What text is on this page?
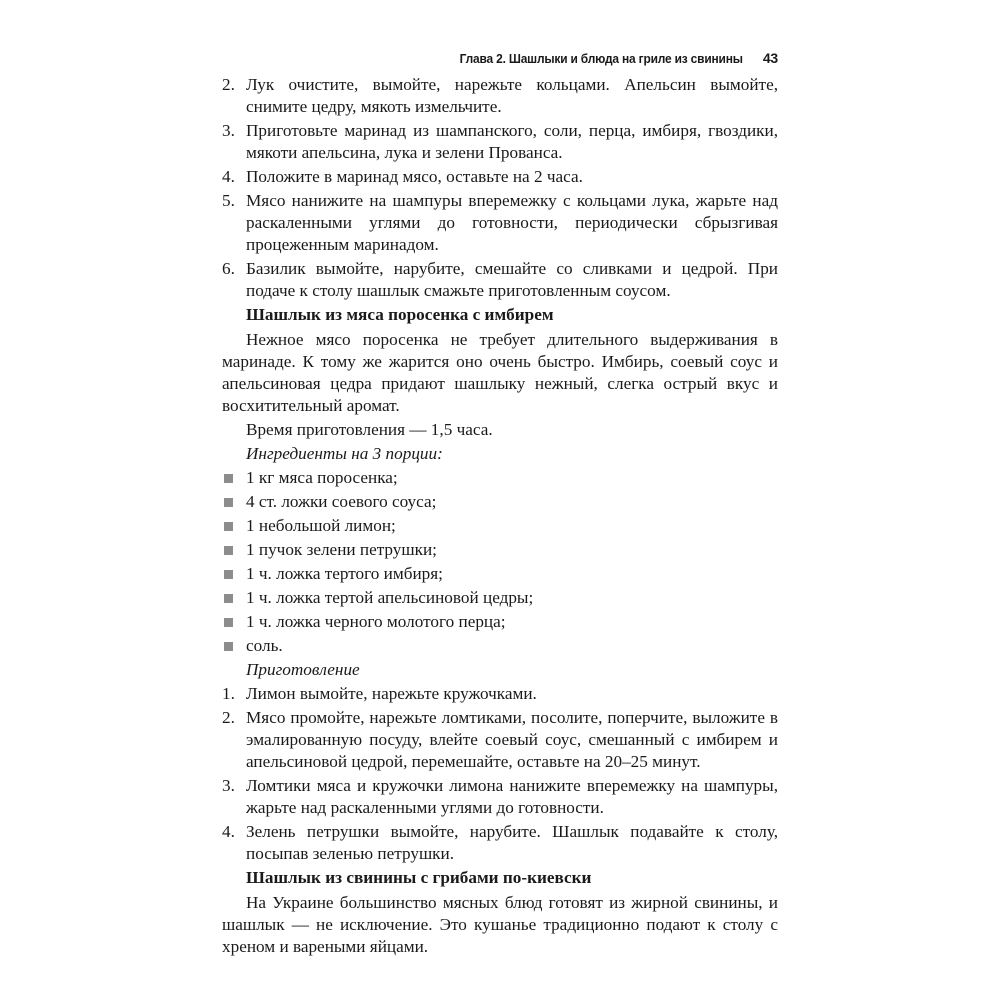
Глава 2. Шашлыки и блюда на гриле из свинины 43
2. Лук очистите, вымойте, нарежьте кольцами. Апельсин вымойте, снимите цедру, мякоть измельчите.
3. Приготовьте маринад из шампанского, соли, перца, имбиря, гвоздики, мякоти апельсина, лука и зелени Прованса.
4. Положите в маринад мясо, оставьте на 2 часа.
5. Мясо нанижите на шампуры вперемежку с кольцами лука, жарьте над раскаленными углями до готовности, периодически сбрызгивая процеженным маринадом.
6. Базилик вымойте, нарубите, смешайте со сливками и цедрой. При подаче к столу шашлык смажьте приготовленным соусом.

Шашлык из мяса поросенка с имбирем

Нежное мясо поросенка не требует длительного выдерживания в маринаде. К тому же жарится оно очень быстро. Имбирь, соевый соус и апельсиновая цедра придают шашлыку нежный, слегка острый вкус и восхитительный аромат.

Время приготовления — 1,5 часа.

Ингредиенты на 3 порции:

1 кг мяса поросенка;
4 ст. ложки соевого соуса;
1 небольшой лимон;
1 пучок зелени петрушки;
1 ч. ложка тертого имбиря;
1 ч. ложка тертой апельсиновой цедры;
1 ч. ложка черного молотого перца;
соль.

Приготовление

1. Лимон вымойте, нарежьте кружочками.
2. Мясо промойте, нарежьте ломтиками, посолите, поперчите, выложите в эмалированную посуду, влейте соевый соус, смешанный с имбирем и апельсиновой цедрой, перемешайте, оставьте на 20–25 минут.
3. Ломтики мяса и кружочки лимона нанижите вперемежку на шампуры, жарьте над раскаленными углями до готовности.
4. Зелень петрушки вымойте, нарубите. Шашлык подавайте к столу, посыпав зеленью петрушки.

Шашлык из свинины с грибами по-киевски

На Украине большинство мясных блюд готовят из жирной свинины, и шашлык — не исключение. Это кушанье традиционно подают к столу с хреном и вареными яйцами.
